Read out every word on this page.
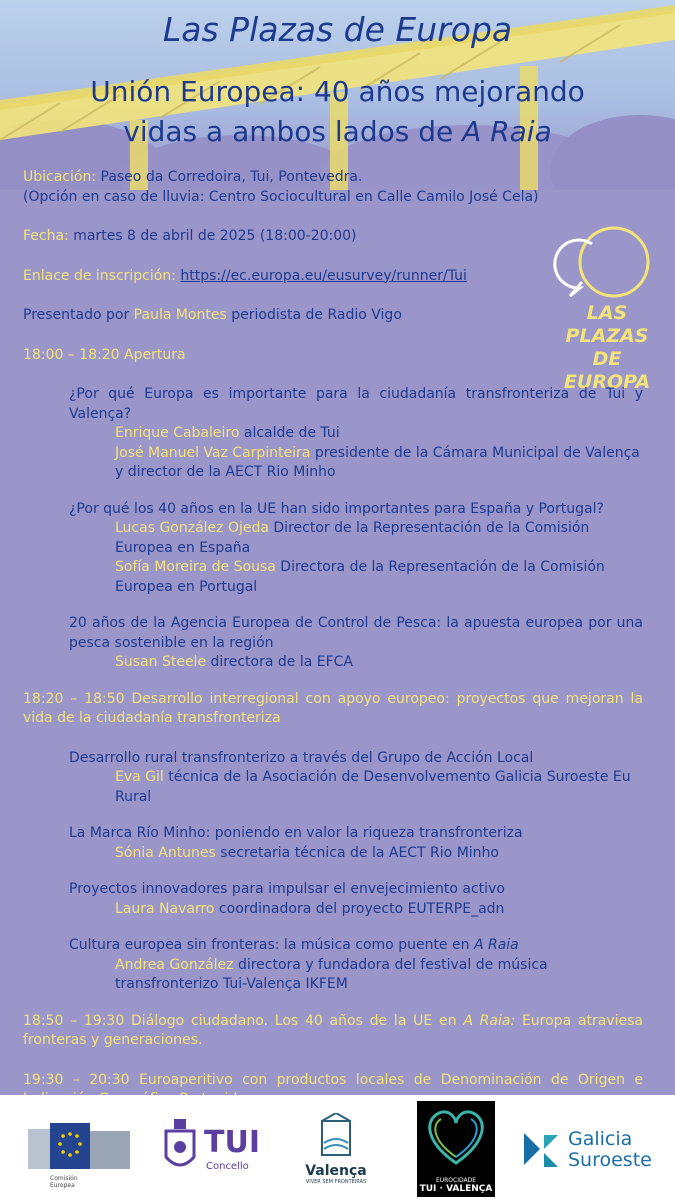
Las Plazas de Europa
Unión Europea: 40 años mejorando
vidas a ambos lados de A Raia
LAS PLAZAS
DE EUROPA
Ubicación: Paseo da Corredoira, Tui, Pontevedra.
(Opción en caso de lluvia: Centro Sociocultural en Calle Camilo José Cela)
Fecha: martes 8 de abril de 2025 (18:00-20:00)
Enlace de inscripción: https://ec.europa.eu/eusurvey/runner/Tui
Presentado por Paula Montes periodista de Radio Vigo
18:00 – 18:20 Apertura
¿Por qué Europa es importante para la ciudadanía transfronteriza de Tui y Valença?
Enrique Cabaleiro alcalde de Tui
José Manuel Vaz Carpinteira presidente de la Cámara Municipal de Valença y director de la AECT Rio Minho
¿Por qué los 40 años en la UE han sido importantes para España y Portugal?
Lucas González Ojeda Director de la Representación de la Comisión Europea en España
Sofía Moreira de Sousa Directora de la Representación de la Comisión Europea en Portugal
20 años de la Agencia Europea de Control de Pesca: la apuesta europea por una pesca sostenible en la región
Susan Steele directora de la EFCA
18:20 – 18:50 Desarrollo interregional con apoyo europeo: proyectos que mejoran la vida de la ciudadanía transfronteriza
Desarrollo rural transfronterizo a través del Grupo de Acción Local
Eva Gil técnica de la Asociación de Desenvolvemento Galicia Suroeste Eu Rural
La Marca Río Minho: poniendo en valor la riqueza transfronteriza
Sónia Antunes secretaria técnica de la AECT Rio Minho
Proyectos innovadores para impulsar el envejecimiento activo
Laura Navarro coordinadora del proyecto EUTERPE_adn
Cultura europea sin fronteras: la música como puente en A Raia
Andrea González directora y fundadora del festival de música transfronterizo Tui-Valença IKFEM
18:50 – 19:30 Diálogo ciudadano. Los 40 años de la UE en A Raia: Europa atraviesa fronteras y generaciones.
19:30 – 20:30 Euroaperitivo con productos locales de Denominación de Origen e
Comisión
Europea
TUI
Concello	Valença
VIVER SEM FRONTEIRAS	EUROCIDADE
TUI · VALENÇA
Galicia
Suroeste
